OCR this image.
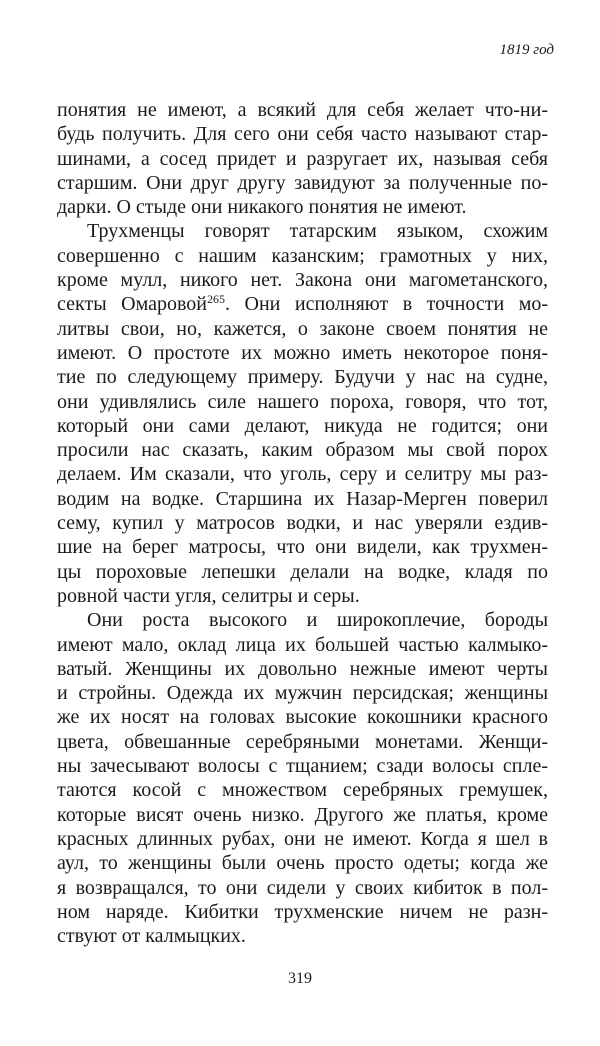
1819 год
понятия не имеют, а всякий для себя желает что-ни-
будь получить. Для сего они себя часто называют стар-
шинами, а сосед придет и разругает их, называя себя
старшим. Они друг другу завидуют за полученные по-
дарки. О стыде они никакого понятия не имеют.
Трухменцы говорят татарским языком, схожим
совершенно с нашим казанским; грамотных у них,
кроме мулл, никого нет. Закона они магометанского,
секты Омаровой$^{265}$. Они исполняют в точности мо-
литвы свои, но, кажется, о законе своем понятия не
имеют. О простоте их можно иметь некоторое поня-
тие по следующему примеру. Будучи у нас на судне,
они удивлялись силе нашего пороха, говоря, что тот,
который они сами делают, никуда не годится; они
просили нас сказать, каким образом мы свой порох
делаем. Им сказали, что уголь, серу и селитру мы раз-
водим на водке. Старшина их Назар-Мерген поверил
сему, купил у матросов водки, и нас уверяли ездив-
шие на берег матросы, что они видели, как трухмен-
цы пороховые лепешки делали на водке, кладя по
ровной части угля, селитры и серы.
Они роста высокого и широкоплечие, бороды
имеют мало, оклад лица их большей частью калмыко-
ватый. Женщины их довольно нежные имеют черты
и стройны. Одежда их мужчин персидская; женщины
же их носят на головах высокие кокошники красного
цвета, обвешанные серебряными монетами. Женщи-
ны зачесывают волосы с тщанием; сзади волосы спле-
таются косой с множеством серебряных гремушек,
которые висят очень низко. Другого же платья, кроме
красных длинных рубах, они не имеют. Когда я шел в
аул, то женщины были очень просто одеты; когда же
я возвращался, то они сидели у своих кибиток в пол-
ном наряде. Кибитки трухменские ничем не разн-
ствуют от калмыцких.
319
